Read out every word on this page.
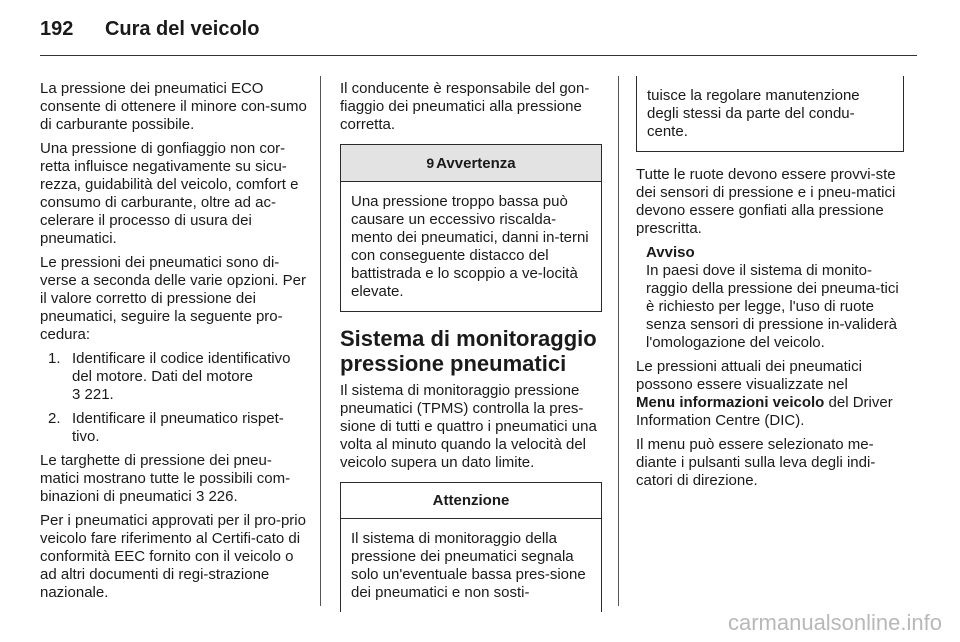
192 Cura del veicolo

La pressione dei pneumatici ECO consente di ottenere il minore con-sumo di carburante possibile.

Una pressione di gonfiaggio non cor-retta influisce negativamente su sicu-rezza, guidabilità del veicolo, comfort e consumo di carburante, oltre ad ac-celerare il processo di usura dei pneumatici.

Le pressioni dei pneumatici sono di-verse a seconda delle varie opzioni. Per il valore corretto di pressione dei pneumatici, seguire la seguente pro-cedura:

1. Identificare il codice identificativo del motore. Dati del motore
3 221.
2. Identificare il pneumatico rispet-tivo.

Le targhette di pressione dei pneu-matici mostrano tutte le possibili com-binazioni di pneumatici 3 226.

Per i pneumatici approvati per il pro-prio veicolo fare riferimento al Certifi-cato di conformità EEC fornito con il veicolo o ad altri documenti di regi-strazione nazionale.

Il conducente è responsabile del gon-fiaggio dei pneumatici alla pressione corretta.

9 Avvertenza
Una pressione troppo bassa può causare un eccessivo riscalda-mento dei pneumatici, danni in-terni con conseguente distacco del battistrada e lo scoppio a ve-locità elevate.
Sistema di monitoraggio pressione pneumatici

Il sistema di monitoraggio pressione pneumatici (TPMS) controlla la pres-sione di tutti e quattro i pneumatici una volta al minuto quando la velocità del veicolo supera un dato limite.

Attenzione
Il sistema di monitoraggio della pressione dei pneumatici segnala solo un'eventuale bassa pres-sione dei pneumatici e non sosti-
tuisce la regolare manutenzione degli stessi da parte del condu-cente.

Tutte le ruote devono essere provvi-ste dei sensori di pressione e i pneu-matici devono essere gonfiati alla pressione prescritta.

Avviso
In paesi dove il sistema di monito-raggio della pressione dei pneuma-tici è richiesto per legge, l'uso di ruote senza sensori di pressione in-validerà l'omologazione del veicolo.

Le pressioni attuali dei pneumatici possono essere visualizzate nel
Menu informazioni veicolo del Driver Information Centre (DIC).

Il menu può essere selezionato me-diante i pulsanti sulla leva degli indi-catori di direzione.

carmanualsonline.info
